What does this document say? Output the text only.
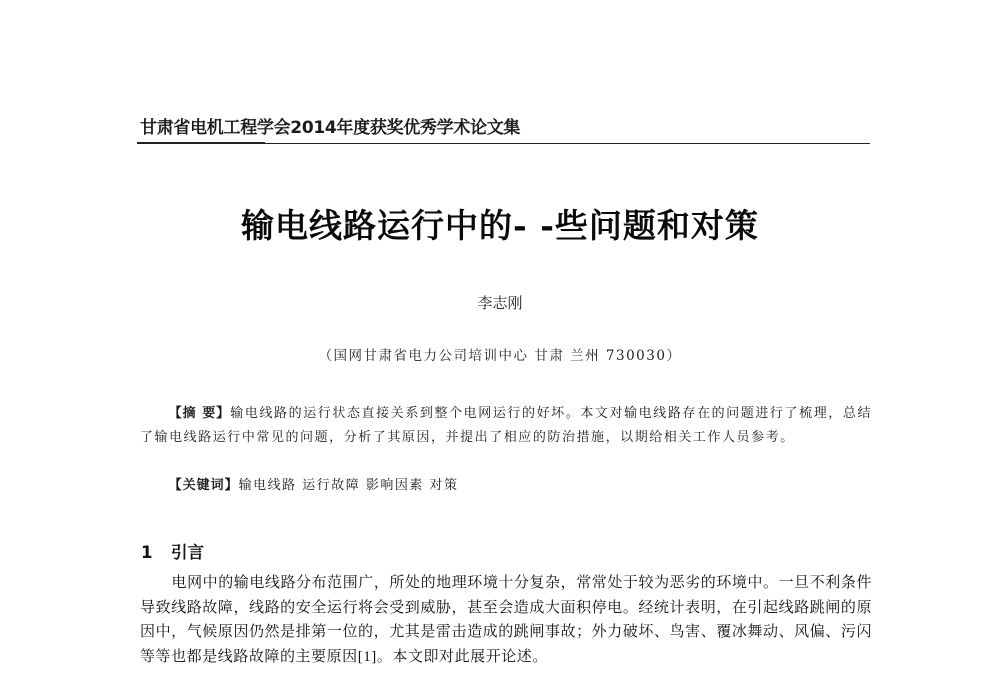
甘肃省电机工程学会2014年度获奖优秀学术论文集
输电线路运行中的- -些问题和对策
李志刚
（国网甘肃省电力公司培训中心 甘肃 兰州 730030）
【摘 要】输电线路的运行状态直接关系到整个电网运行的好坏。本文对输电线路存在的问题进行了梳理，总结了输电线路运行中常见的问题，分析了其原因，并提出了相应的防治措施，以期给相关工作人员参考。
【关键词】输电线路 运行故障 影响因素 对策
1 引言

电网中的输电线路分布范围广，所处的地理环境十分复杂，常常处于较为恶劣的环境中。一旦不利条件导致线路故障，线路的安全运行将会受到威胁，甚至会造成大面积停电。经统计表明，在引起线路跳闸的原因中，气候原因仍然是排第一位的，尤其是雷击造成的跳闸事故；外力破坏、鸟害、覆冰舞动、风偏、污闪等等也都是线路故障的主要原因[1]。本文即对此展开论述。
